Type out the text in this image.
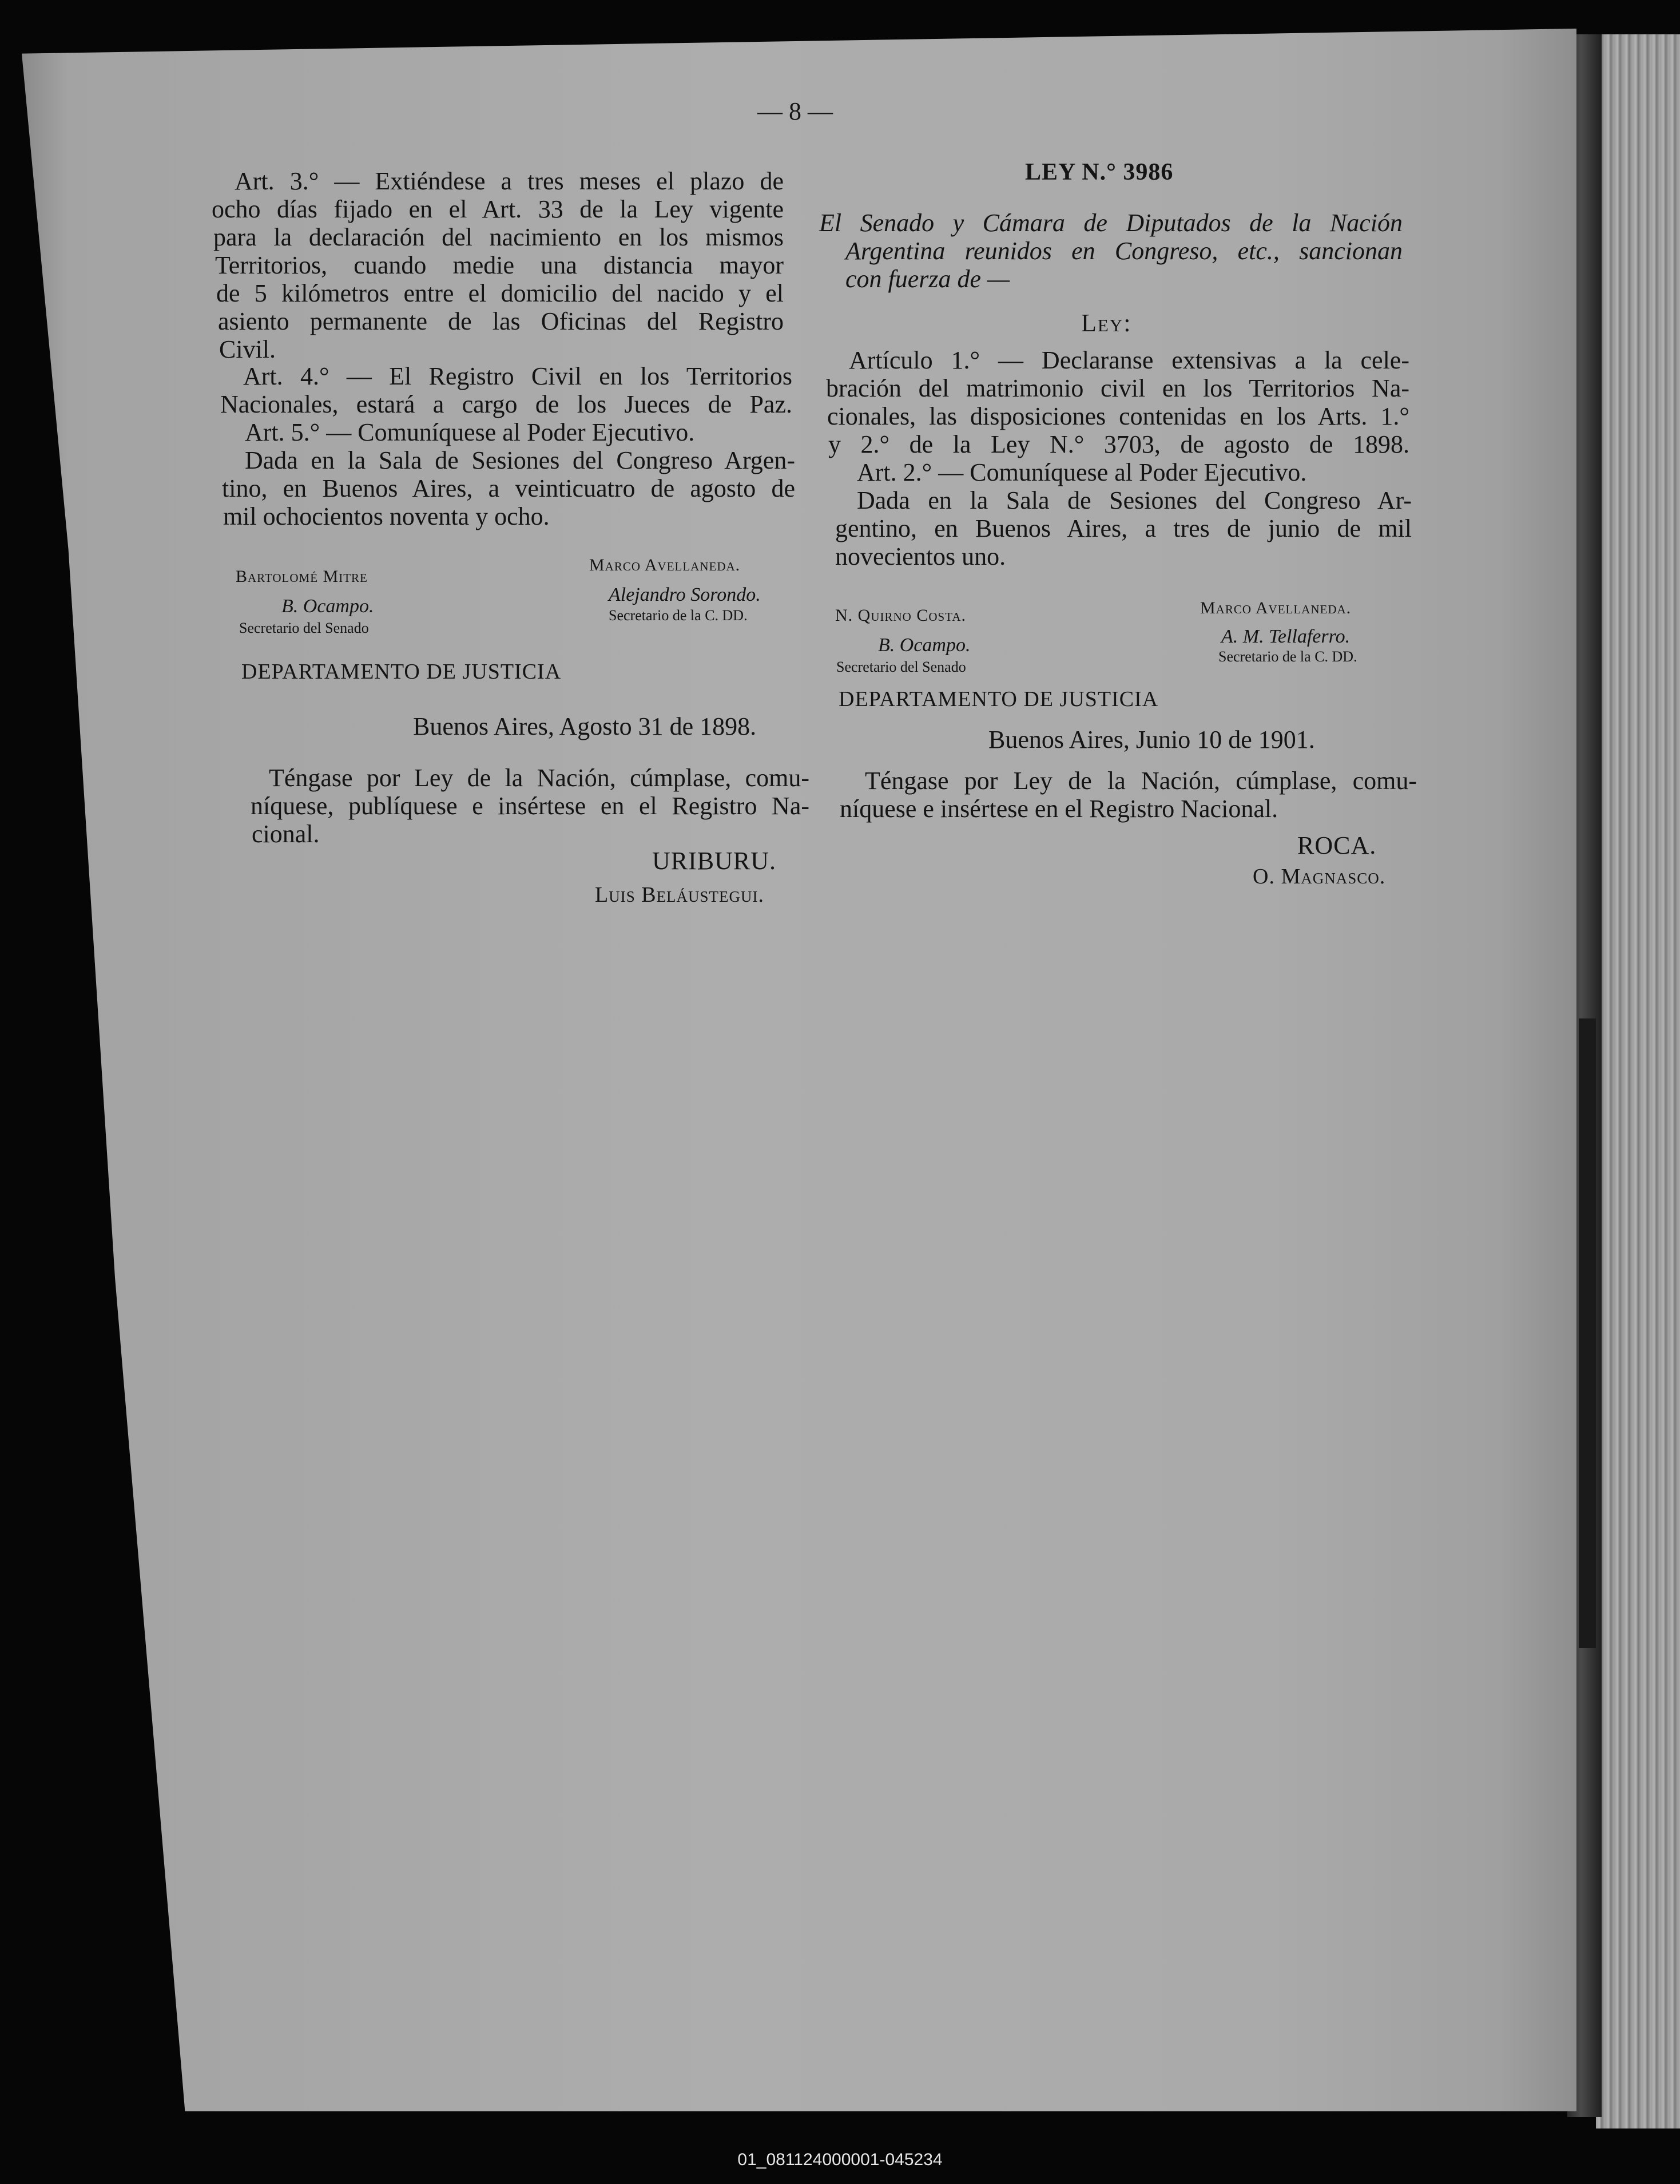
— 8 —
Art. 3.° — Extiéndese a tres meses el plazo de
ocho días fijado en el Art. 33 de la Ley vigente
para la declaración del nacimiento en los mismos
Territorios, cuando medie una distancia mayor
de 5 kilómetros entre el domicilio del nacido y el
asiento permanente de las Oficinas del Registro
Civil.
Art. 4.° — El Registro Civil en los Territorios
Nacionales, estará a cargo de los Jueces de Paz.
Art. 5.° — Comuníquese al Poder Ejecutivo.
Dada en la Sala de Sesiones del Congreso Argen-
tino, en Buenos Aires, a veinticuatro de agosto de
mil ochocientos noventa y ocho.
Bartolomé Mitre
B. Ocampo.
Secretario del Senado
Marco Avellaneda.
Alejandro Sorondo.
Secretario de la C. DD.
DEPARTAMENTO DE JUSTICIA
Buenos Aires, Agosto 31 de 1898.
Téngase por Ley de la Nación, cúmplase, comu-
níquese, publíquese e insértese en el Registro Na-
cional.
URIBURU.
Luis Beláustegui.
LEY N.° 3986
El Senado y Cámara de Diputados de la Nación
Argentina reunidos en Congreso, etc., sancionan
con fuerza de —
Ley:
Artículo 1.° — Declaranse extensivas a la cele-
bración del matrimonio civil en los Territorios Na-
cionales, las disposiciones contenidas en los Arts. 1.°
y 2.° de la Ley N.° 3703, de agosto de 1898.
Art. 2.° — Comuníquese al Poder Ejecutivo.
Dada en la Sala de Sesiones del Congreso Ar-
gentino, en Buenos Aires, a tres de junio de mil
novecientos uno.
N. Quirno Costa.
B. Ocampo.
Secretario del Senado
Marco Avellaneda.
A. M. Tellaferro.
Secretario de la C. DD.
DEPARTAMENTO DE JUSTICIA
Buenos Aires, Junio 10 de 1901.
Téngase por Ley de la Nación, cúmplase, comu-
níquese e insértese en el Registro Nacional.
ROCA.
O. Magnasco.
01_081124000001-045234
